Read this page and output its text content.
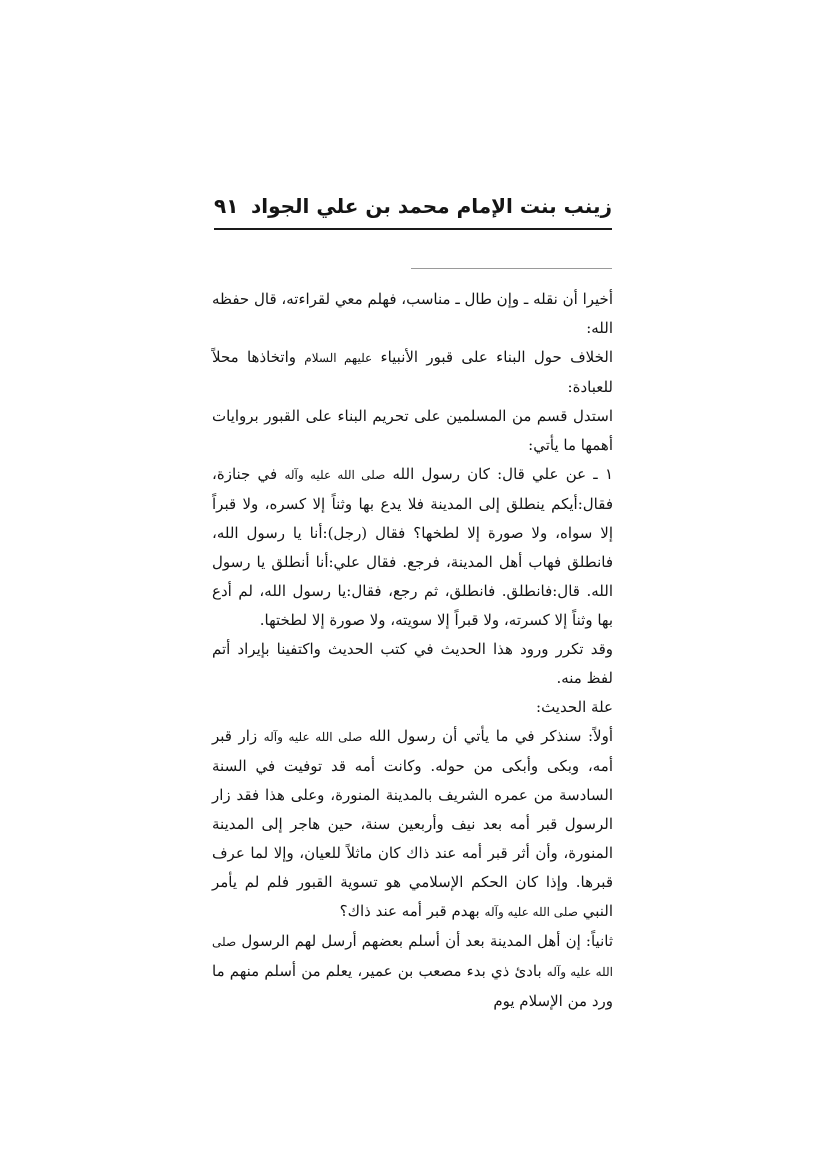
زينب بنت الإمام محمد بن علي الجواد
٩١

أخيرا أن نقله ـ وإن طال ـ مناسب، فهلم معي لقراءته، قال حفظه الله:

الخلاف حول البناء على قبور الأنبياء عليهم السلام واتخاذها محلاً للعبادة:

استدل قسم من المسلمين على تحريم البناء على القبور بروايات أهمها ما يأتي:

١ ـ عن علي قال: كان رسول الله صلى الله عليه وآله في جنازة، فقال:أيكم ينطلق إلى المدينة فلا يدع بها وثناً إلا كسره، ولا قبراً إلا سواه، ولا صورة إلا لطخها؟ فقال (رجل):أنا يا رسول الله، فانطلق فهاب أهل المدينة، فرجع. فقال علي:أنا أنطلق يا رسول الله. قال:فانطلق. فانطلق، ثم رجع، فقال:يا رسول الله، لم أدع بها وثناً إلا كسرته، ولا قبراً إلا سويته، ولا صورة إلا لطختها.

وقد تكرر ورود هذا الحديث في كتب الحديث واكتفينا بإيراد أتم لفظ منه.

علة الحديث:

أولاً: سنذكر في ما يأتي أن رسول الله صلى الله عليه وآله زار قبر أمه، وبكى وأبكى من حوله. وكانت أمه قد توفيت في السنة السادسة من عمره الشريف بالمدينة المنورة، وعلى هذا فقد زار الرسول قبر أمه بعد نيف وأربعين سنة، حين هاجر إلى المدينة المنورة، وأن أثر قبر أمه عند ذاك كان ماثلاً للعيان، وإلا لما عرف قبرها. وإذا كان الحكم الإسلامي هو تسوية القبور فلم لم يأمر النبي صلى الله عليه وآله بهدم قبر أمه عند ذاك؟

ثانياً: إن أهل المدينة بعد أن أسلم بعضهم أرسل لهم الرسول صلى الله عليه وآله بادئ ذي بدء مصعب بن عمير، يعلم من أسلم منهم ما ورد من الإسلام يوم
